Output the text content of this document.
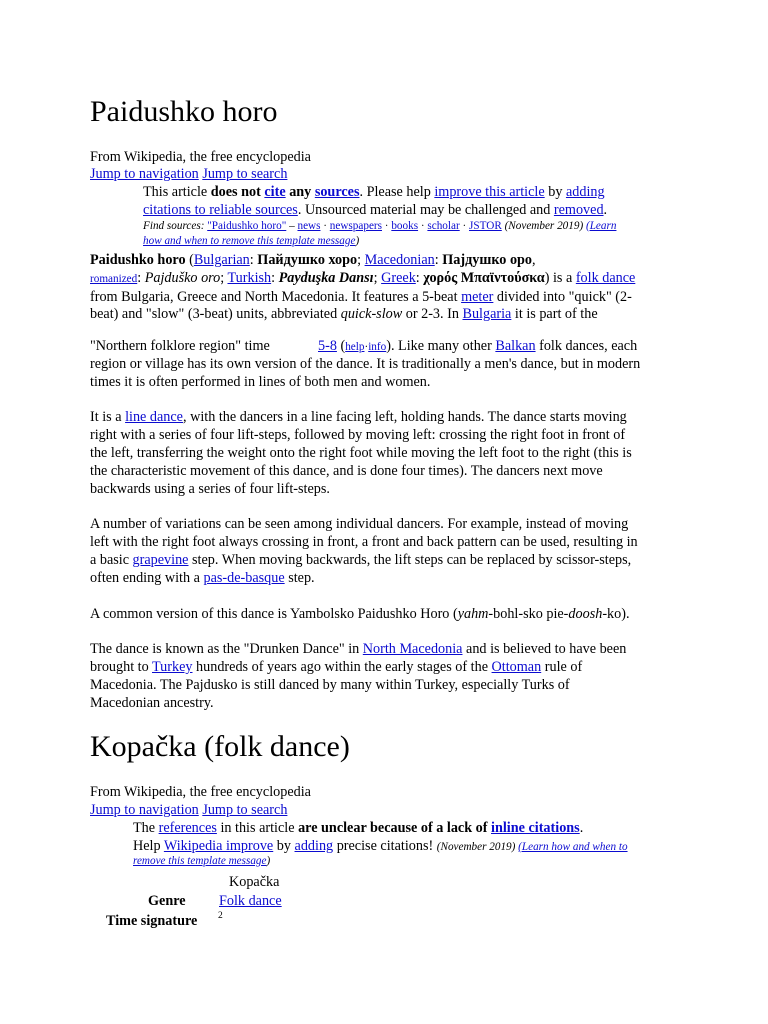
Paidushko horo
From Wikipedia, the free encyclopedia
Jump to navigation Jump to search
This article does not cite any sources. Please help improve this article by adding
citations to reliable sources. Unsourced material may be challenged and removed.
Find sources: "Paidushko horo" – news · newspapers · books · scholar · JSTOR (November 2019) (Learn
how and when to remove this template message)
Paidushko horo (Bulgarian: Пайдушко хоро; Macedonian: Пајдушко оро,
romanized: Pajduško oro; Turkish: Payduşka Dansı; Greek: χορός Μπαϊντούσκα) is a folk dance
from Bulgaria, Greece and North Macedonia. It features a 5-beat meter divided into "quick" (2-
beat) and "slow" (3-beat) units, abbreviated quick-slow or 2-3. In Bulgaria it is part of the
"Northern folklore region" time	5-8 (help·info). Like many other Balkan folk dances, each
region or village has its own version of the dance. It is traditionally a men's dance, but in modern
times it is often performed in lines of both men and women.
It is a line dance, with the dancers in a line facing left, holding hands. The dance starts moving
right with a series of four lift-steps, followed by moving left: crossing the right foot in front of
the left, transferring the weight onto the right foot while moving the left foot to the right (this is
the characteristic movement of this dance, and is done four times). The dancers next move
backwards using a series of four lift-steps.
A number of variations can be seen among individual dancers. For example, instead of moving
left with the right foot always crossing in front, a front and back pattern can be used, resulting in
a basic grapevine step. When moving backwards, the lift steps can be replaced by scissor-steps,
often ending with a pas-de-basque step.
A common version of this dance is Yambolsko Paidushko Horo (yahm-bohl-sko pie-doosh-ko).
The dance is known as the "Drunken Dance" in North Macedonia and is believed to have been
brought to Turkey hundreds of years ago within the early stages of the Ottoman rule of
Macedonia. The Pajdusko is still danced by many within Turkey, especially Turks of
Macedonian ancestry.
Kopačka (folk dance)
From Wikipedia, the free encyclopedia
Jump to navigation Jump to search
The references in this article are unclear because of a lack of inline citations.
Help Wikipedia improve by adding precise citations! (November 2019) (Learn how and when to
remove this template message)
Kopačka
Genre Folk dance
Time signature 2
